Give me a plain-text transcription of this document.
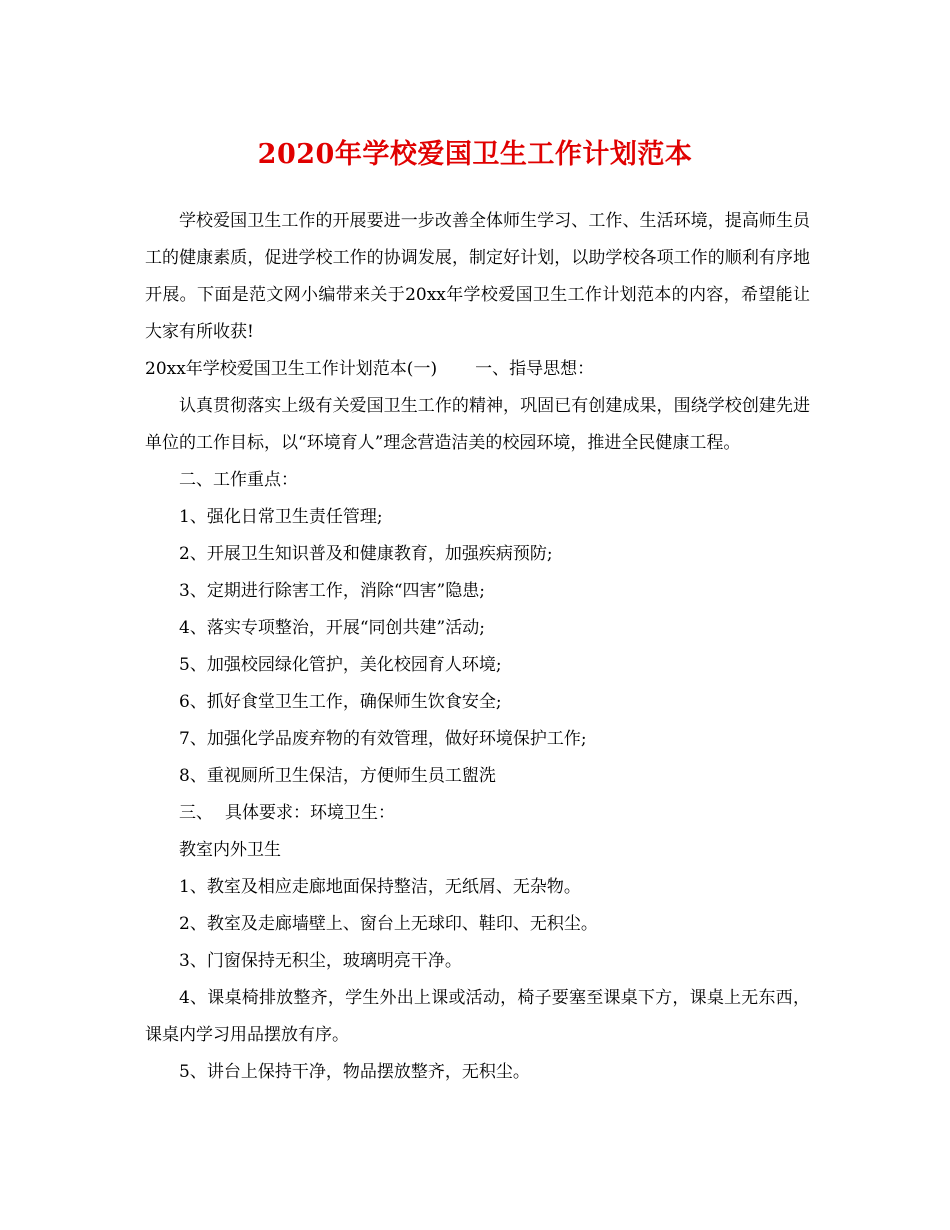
2020年学校爱国卫生工作计划范本

学校爱国卫生工作的开展要进一步改善全体师生学习、工作、生活环境，提高师生员工的健康素质，促进学校工作的协调发展，制定好计划，以助学校各项工作的顺利有序地开展。下面是范文网小编带来关于20xx年学校爱国卫生工作计划范本的内容，希望能让大家有所收获!

20xx年学校爱国卫生工作计划范本(一) 一、指导思想：

认真贯彻落实上级有关爱国卫生工作的精神，巩固已有创建成果，围绕学校创建先进单位的工作目标，以“环境育人”理念营造洁美的校园环境，推进全民健康工程。

二、工作重点：

1、强化日常卫生责任管理;

2、开展卫生知识普及和健康教育，加强疾病预防;

3、定期进行除害工作，消除“四害”隐患;

4、落实专项整治，开展“同创共建”活动;

5、加强校园绿化管护，美化校园育人环境;

6、抓好食堂卫生工作，确保师生饮食安全;

7、加强化学品废弃物的有效管理，做好环境保护工作;

8、重视厕所卫生保洁，方便师生员工盥洗

三、 具体要求：环境卫生：

教室内外卫生

1、教室及相应走廊地面保持整洁，无纸屑、无杂物。

2、教室及走廊墙壁上、窗台上无球印、鞋印、无积尘。

3、门窗保持无积尘，玻璃明亮干净。

4、课桌椅排放整齐，学生外出上课或活动，椅子要塞至课桌下方，课桌上无东西，课桌内学习用品摆放有序。

5、讲台上保持干净，物品摆放整齐，无积尘。
